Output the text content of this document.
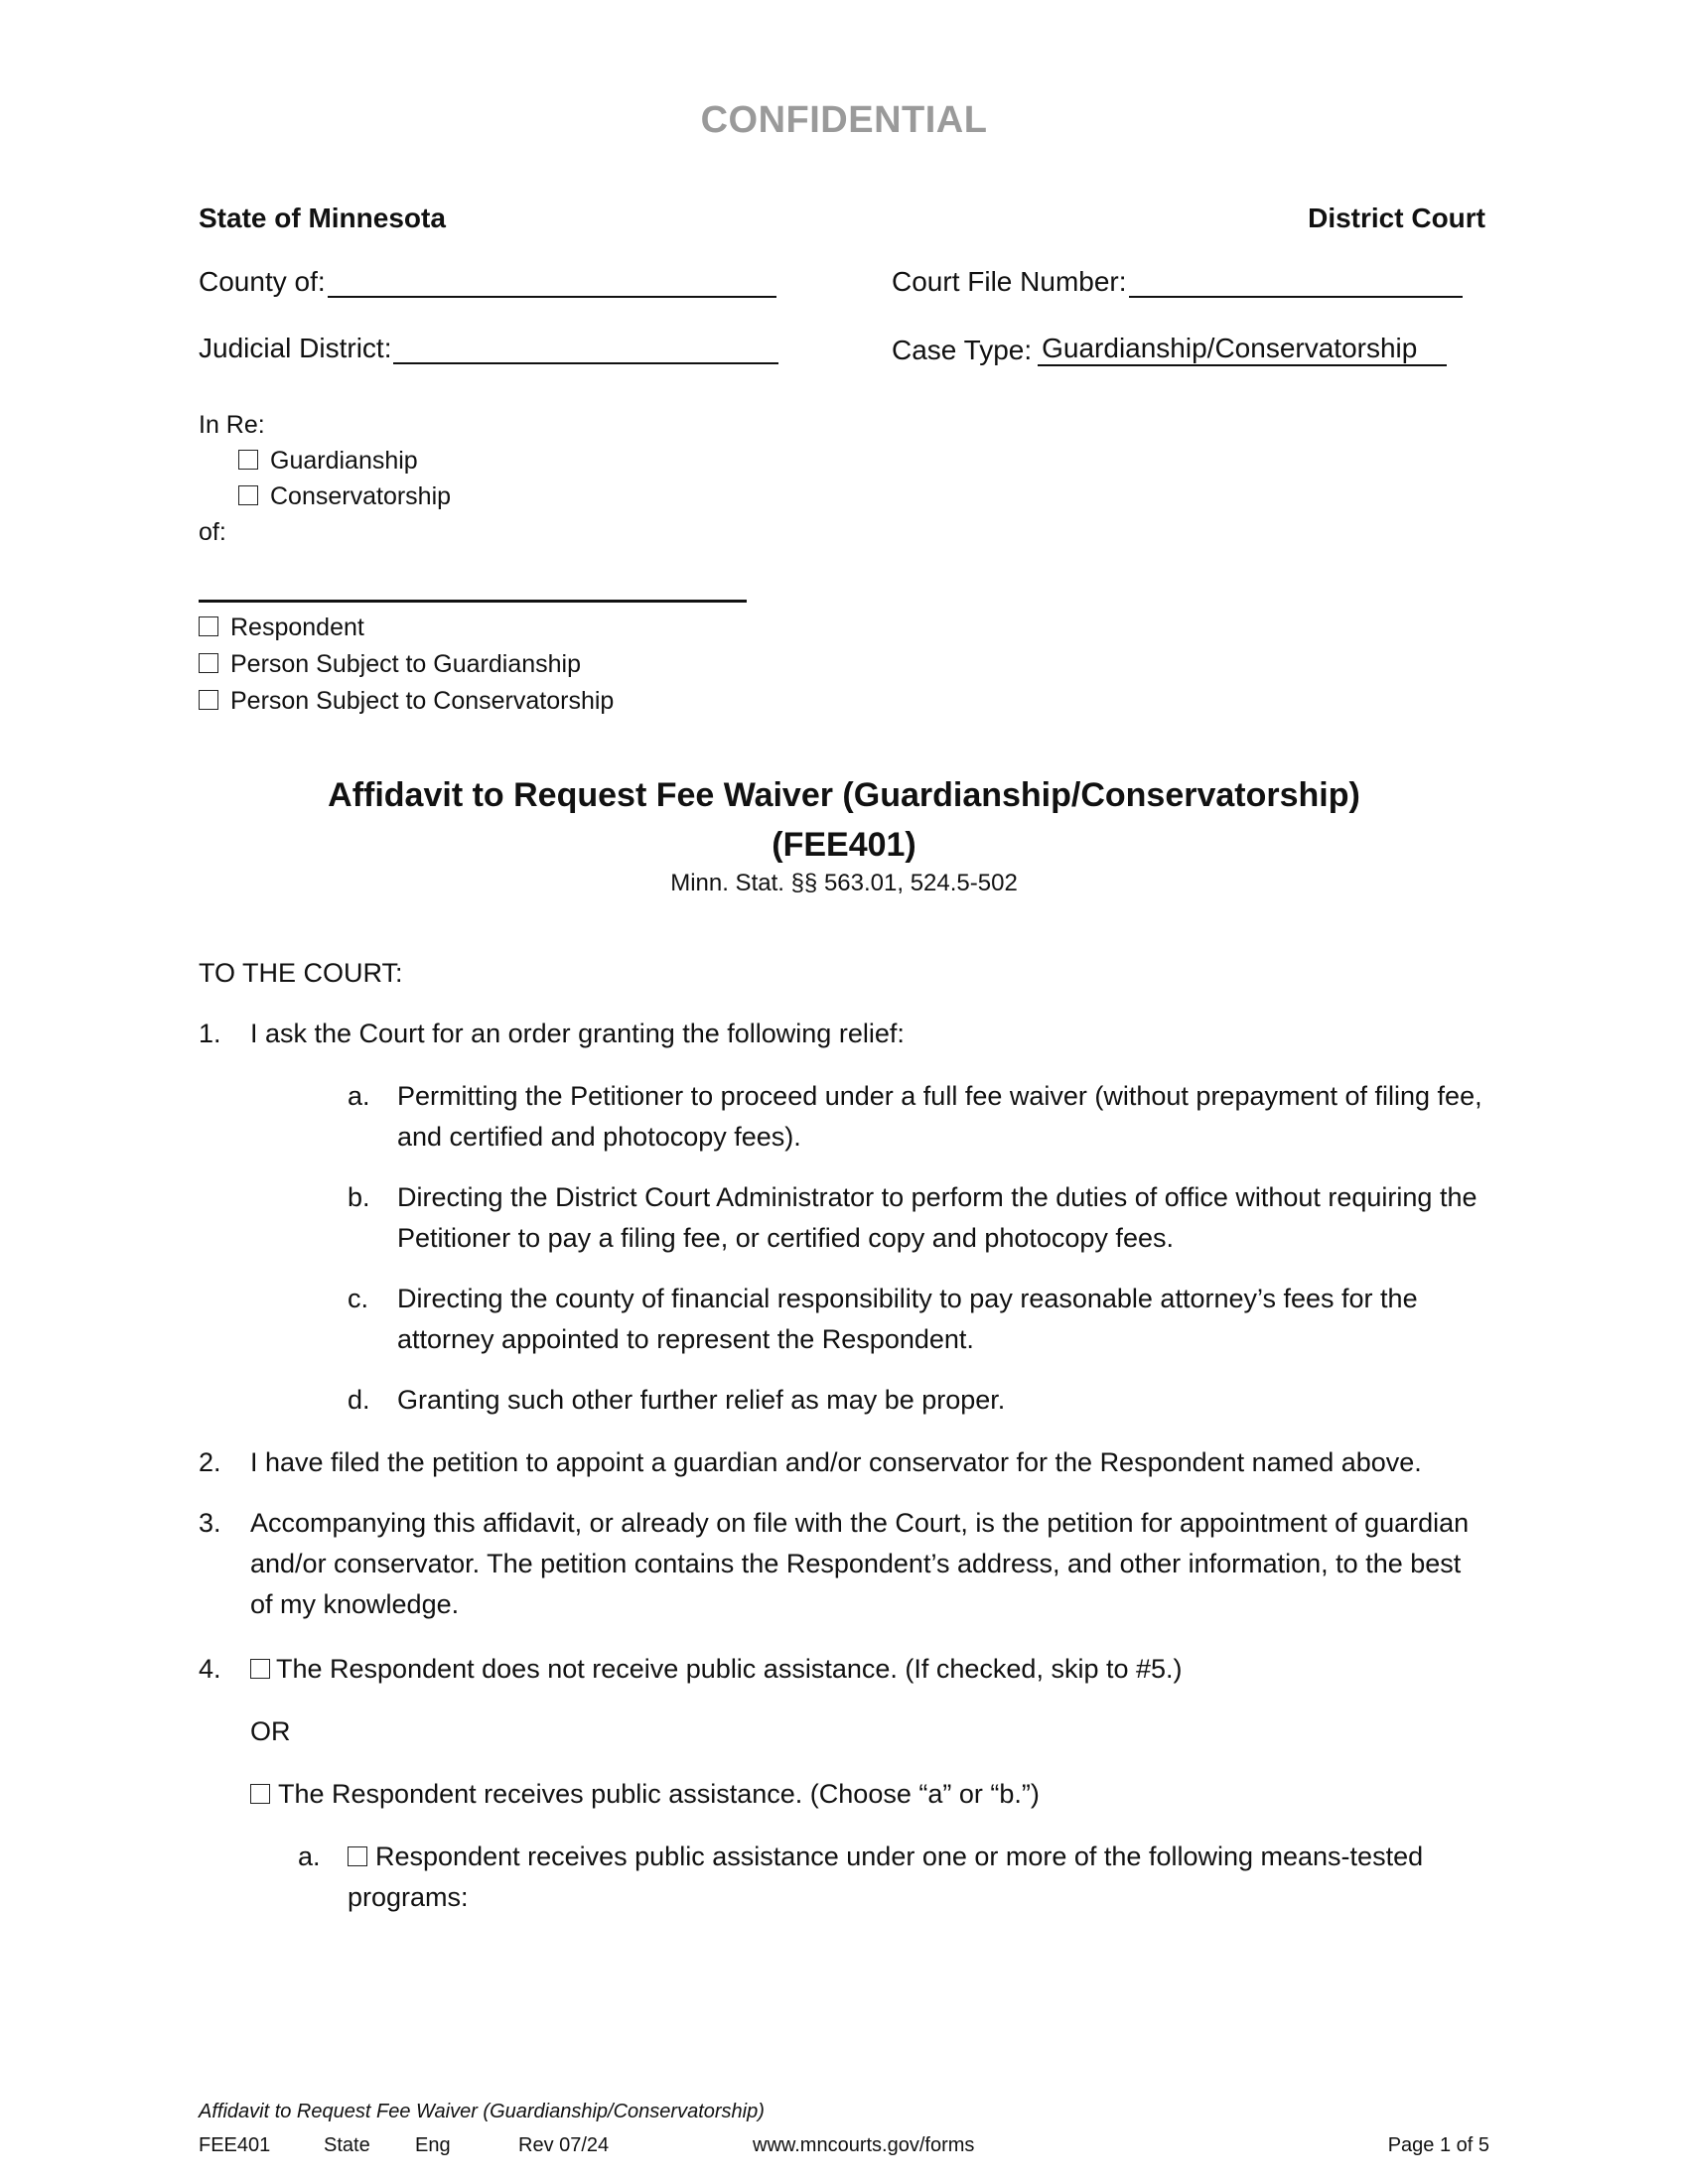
CONFIDENTIAL
State of Minnesota	District Court
County of:	Court File Number:
Judicial District:	Case Type: Guardianship/Conservatorship
In Re:
Guardianship
Conservatorship
of:
Respondent
Person Subject to Guardianship
Person Subject to Conservatorship
Affidavit to Request Fee Waiver (Guardianship/Conservatorship)
(FEE401)
Minn. Stat. §§ 563.01, 524.5-502

TO THE COURT:

1.	I ask the Court for an order granting the following relief:
a.	Permitting the Petitioner to proceed under a full fee waiver (without prepayment of filing fee, and certified and photocopy fees).
b.	Directing the District Court Administrator to perform the duties of office without requiring the Petitioner to pay a filing fee, or certified copy and photocopy fees.
c.	Directing the county of financial responsibility to pay reasonable attorney’s fees for the attorney appointed to represent the Respondent.
d.	Granting such other further relief as may be proper.
2.	I have filed the petition to appoint a guardian and/or conservator for the Respondent named above.
3.	Accompanying this affidavit, or already on file with the Court, is the petition for appointment of guardian and/or conservator. The petition contains the Respondent’s address, and other information, to the best of my knowledge.
4.	The Respondent does not receive public assistance. (If checked, skip to #5.)
OR
The Respondent receives public assistance. (Choose “a” or “b.”)
a.	Respondent receives public assistance under one or more of the following means-tested programs:
Affidavit to Request Fee Waiver (Guardianship/Conservatorship)
FEE401	State Eng	Rev 07/24	www.mncourts.gov/forms	Page 1 of 5
